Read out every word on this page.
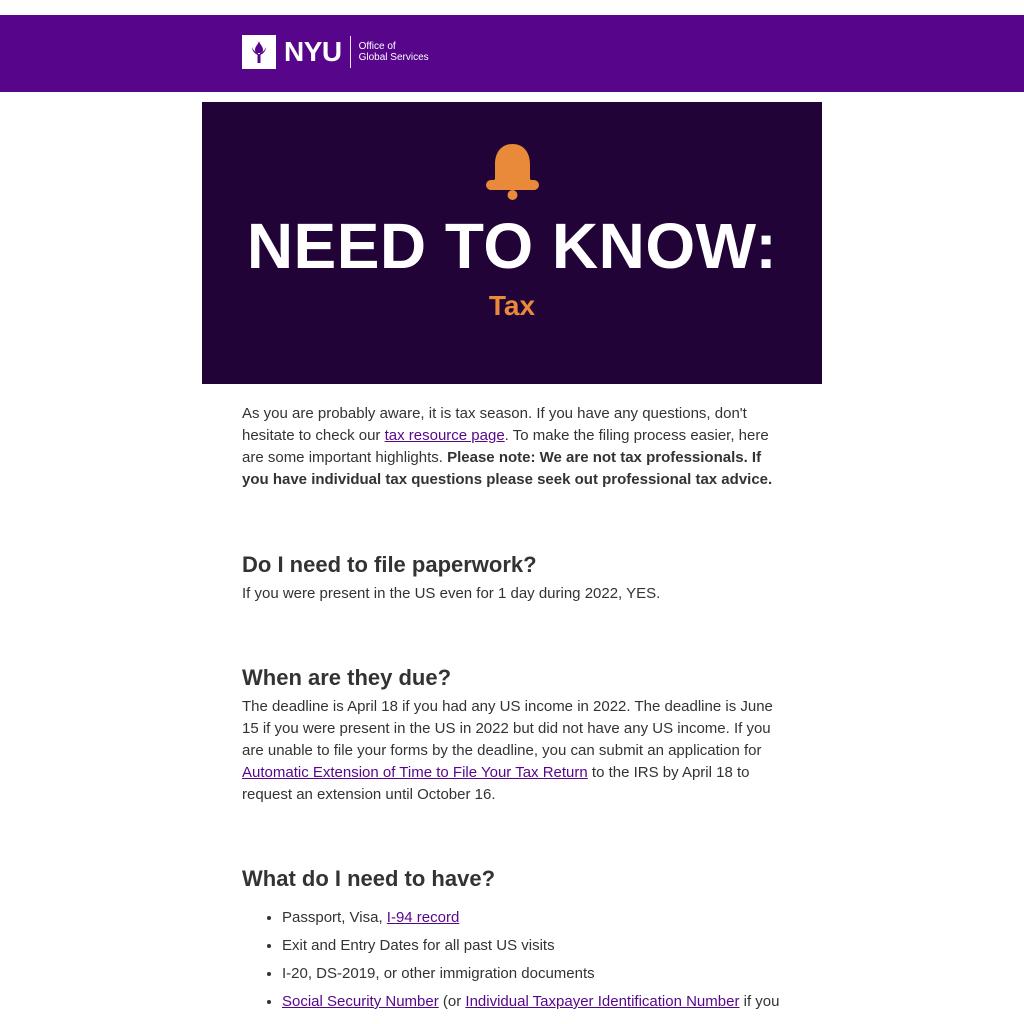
NYU Office of
Global Services
NEED TO KNOW:
Tax

As you are probably aware, it is tax season. If you have any questions, don't hesitate to check our tax resource page. To make the filing process easier, here are some important highlights. Please note: We are not tax professionals. If you have individual tax questions please seek out professional tax advice.

Do I need to file paperwork?

If you were present in the US even for 1 day during 2022, YES.

When are they due?

The deadline is April 18 if you had any US income in 2022. The deadline is June 15 if you were present in the US in 2022 but did not have any US income. If you are unable to file your forms by the deadline, you can submit an application for Automatic Extension of Time to File Your Tax Return to the IRS by April 18 to request an extension until October 16.

What do I need to have?
• Passport, Visa, I-94 record
• Exit and Entry Dates for all past US visits
• I-20, DS-2019, or other immigration documents
• Social Security Number (or Individual Taxpayer Identification Number if you
